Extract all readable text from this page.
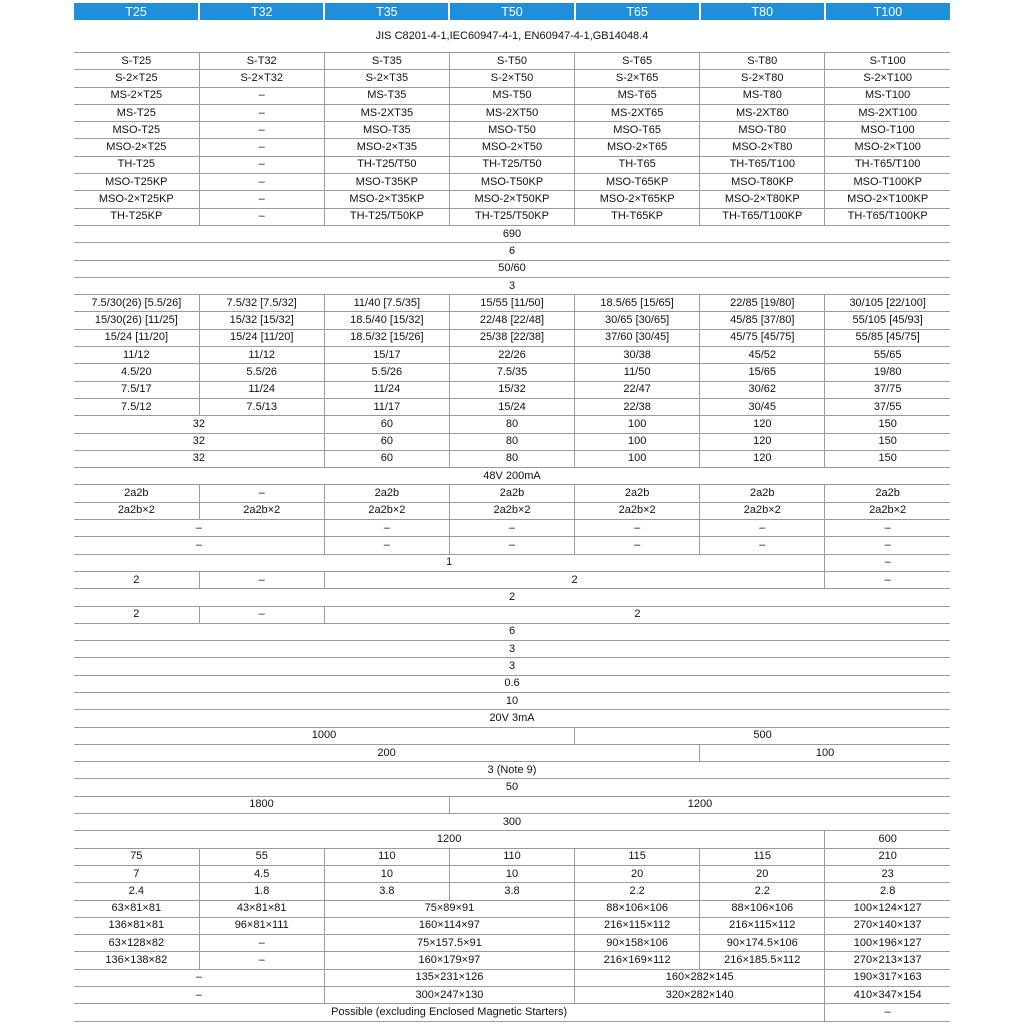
T25	T32	T35	T50	T65	T80	T100
JIS C8201-4-1,IEC60947-4-1, EN60947-4-1,GB14048.4						
S-T25	S-T32	S-T35	S-T50	S-T65	S-T80	S-T100
S-2×T25	S-2×T32	S-2×T35	S-2×T50	S-2×T65	S-2×T80	S-2×T100
MS-2×T25	–	MS-T35	MS-T50	MS-T65	MS-T80	MS-T100
MS-T25	–	MS-2XT35	MS-2XT50	MS-2XT65	MS-2XT80	MS-2XT100
MSO-T25	–	MSO-T35	MSO-T50	MSO-T65	MSO-T80	MSO-T100
MSO-2×T25	–	MSO-2×T35	MSO-2×T50	MSO-2×T65	MSO-2×T80	MSO-2×T100
TH-T25	–	TH-T25/T50	TH-T25/T50	TH-T65	TH-T65/T100	TH-T65/T100
MSO-T25KP	–	MSO-T35KP	MSO-T50KP	MSO-T65KP	MSO-T80KP	MSO-T100KP
MSO-2×T25KP	–	MSO-2×T35KP	MSO-2×T50KP	MSO-2×T65KP	MSO-2×T80KP	MSO-2×T100KP
TH-T25KP	–	TH-T25/T50KP	TH-T25/T50KP	TH-T65KP	TH-T65/T100KP	TH-T65/T100KP
690						
6						
50/60						
3						
7.5/30(26) [5.5/26]	7.5/32 [7.5/32]	11/40 [7.5/35]	15/55 [11/50]	18.5/65 [15/65]	22/85 [19/80]	30/105 [22/100]
15/30(26) [11/25]	15/32 [15/32]	18.5/40 [15/32]	22/48 [22/48]	30/65 [30/65]	45/85 [37/80]	55/105 [45/93]
15/24 [11/20]	15/24 [11/20]	18.5/32 [15/26]	25/38 [22/38]	37/60 [30/45]	45/75 [45/75]	55/85 [45/75]
11/12	11/12	15/17	22/26	30/38	45/52	55/65
4.5/20	5.5/26	5.5/26	7.5/35	11/50	15/65	19/80
7.5/17	11/24	11/24	15/32	22/47	30/62	37/75
7.5/12	7.5/13	11/17	15/24	22/38	30/45	37/55
32		60	80	100	120	150
32		60	80	100	120	150
32		60	80	100	120	150
48V 200mA						
2a2b	–	2a2b	2a2b	2a2b	2a2b	2a2b
2a2b×2	2a2b×2	2a2b×2	2a2b×2	2a2b×2	2a2b×2	2a2b×2
–		–	–	–	–	–
–		–	–	–	–	–
1						–
2	–	2				–
2						
2	–	2				
6						
3						
3						
0.6						
10						
20V 3mA						
1000				500		
200					100	
3 (Note 9)						
50						
1800			1200			
300						
1200						600
75	55	110	110	115	115	210
7	4.5	10	10	20	20	23
2.4	1.8	3.8	3.8	2.2	2.2	2.8
63×81×81	43×81×81	75×89×91		88×106×106	88×106×106	100×124×127
136×81×81	96×81×111	160×114×97		216×115×112	216×115×112	270×140×137
63×128×82	–	75×157.5×91		90×158×106	90×174.5×106	100×196×127
136×138×82	–	160×179×97		216×169×112	216×185.5×112	270×213×137
–		135×231×126		160×282×145		190×317×163
–		300×247×130		320×282×140		410×347×154
Possible (excluding Enclosed Magnetic Starters)						–
